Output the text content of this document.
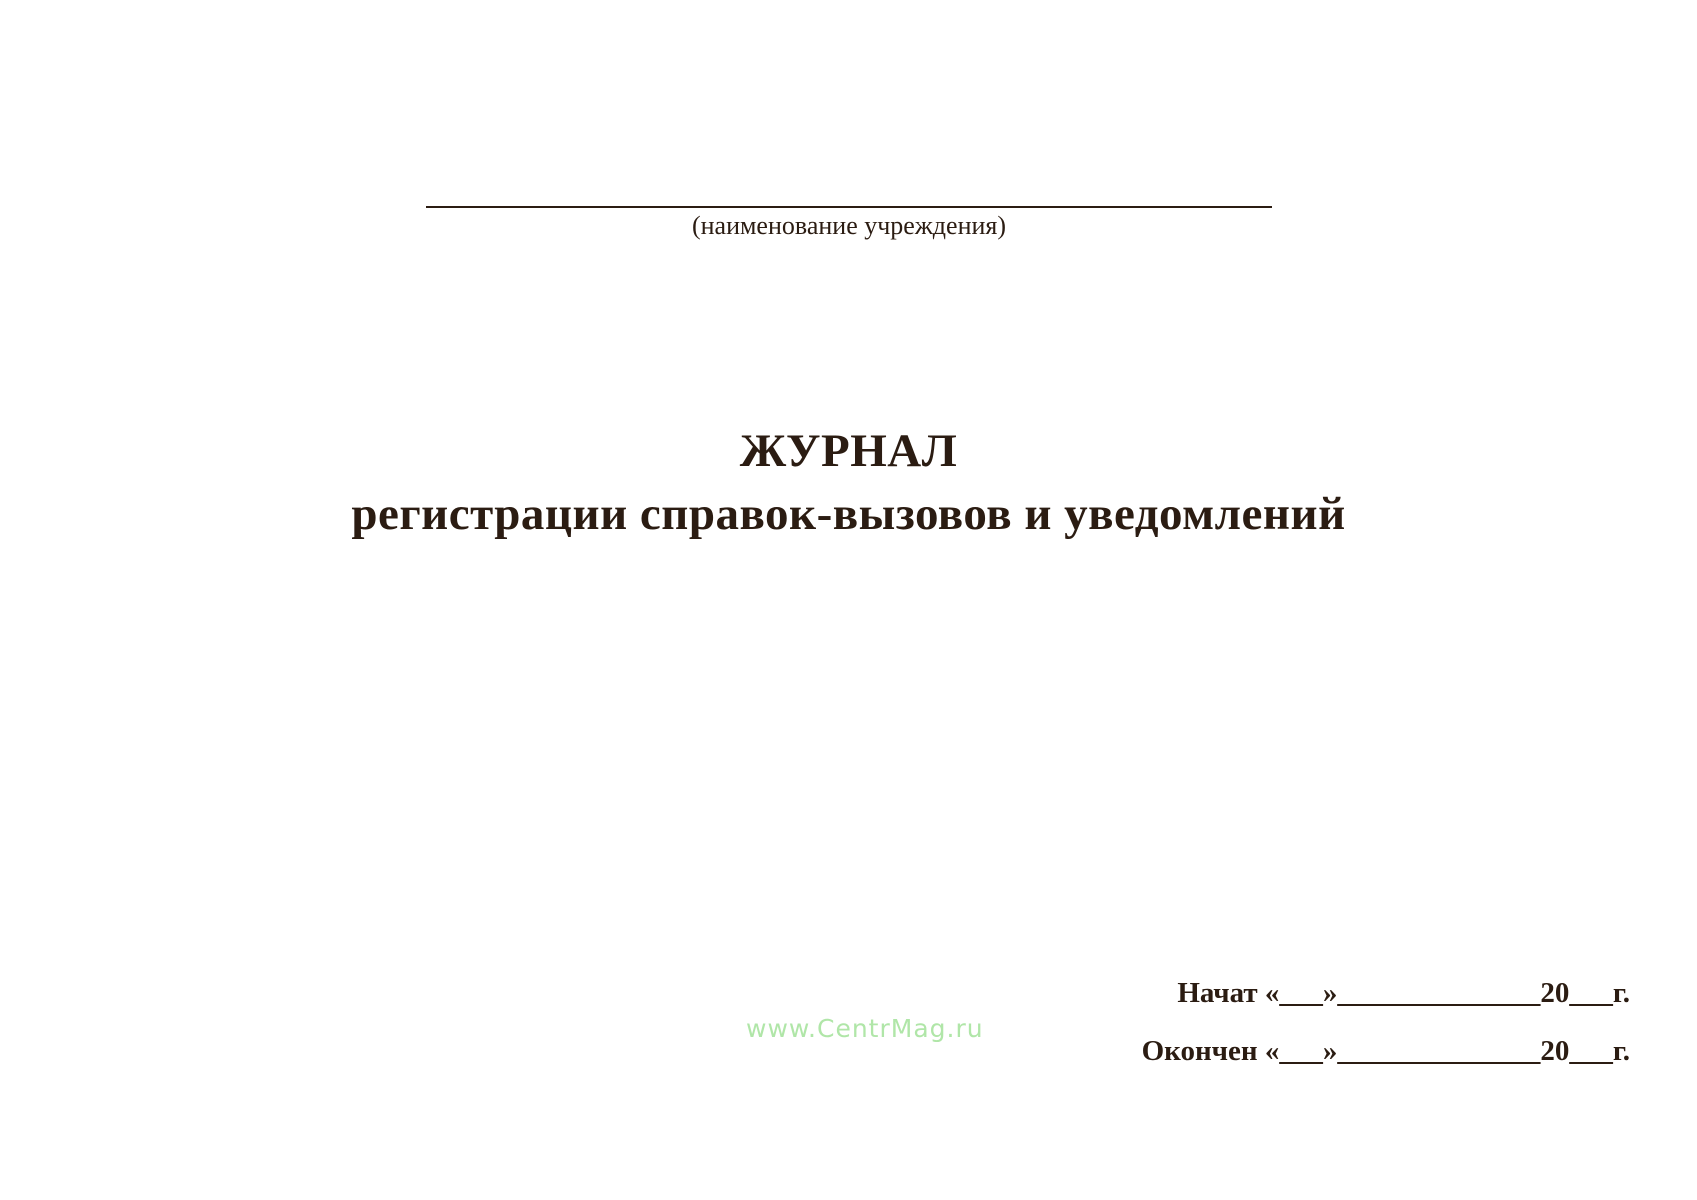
(наименование учреждения)
ЖУРНАЛ
регистрации справок-вызовов и уведомлений
Начат «___»______________20___г.
Окончен «___»______________20___г.
www.CentrMag.ru
